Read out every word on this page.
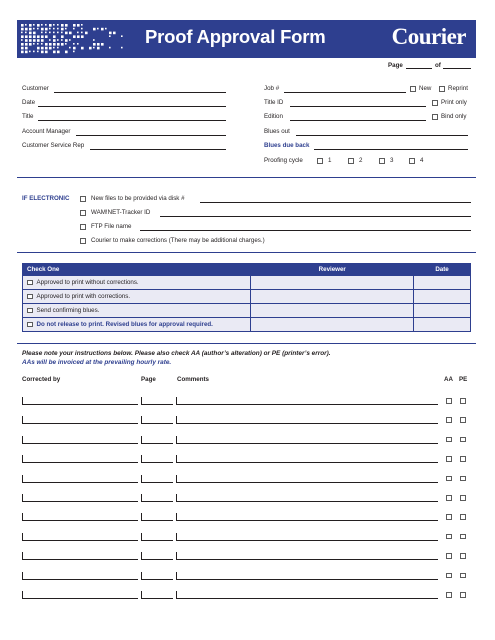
Proof Approval Form	Courier
Page	of
Customer
Date
Title
Account Manager
Customer Service Rep
Job #	New	Reprint
Title ID	Print only
Edition	Bind only
Blues out
Blues due back
Proofing cycle	1	2	3	4
IF ELECTRONIC	New files to be provided via disk #
WAM!NET-Tracker ID
FTP File name
Courier to make corrections (There may be additional charges.)
Check One	Reviewer	Date
Approved to print without corrections.		
Approved to print with corrections.		
Send confirming blues.		
Do not release to print. Revised blues for approval required.		
Please note your instructions below. Please also check AA (author’s alteration) or PE (printer’s error).
AAs will be invoiced at the prevailing hourly rate.
Corrected by	Page	Comments	AA PE
